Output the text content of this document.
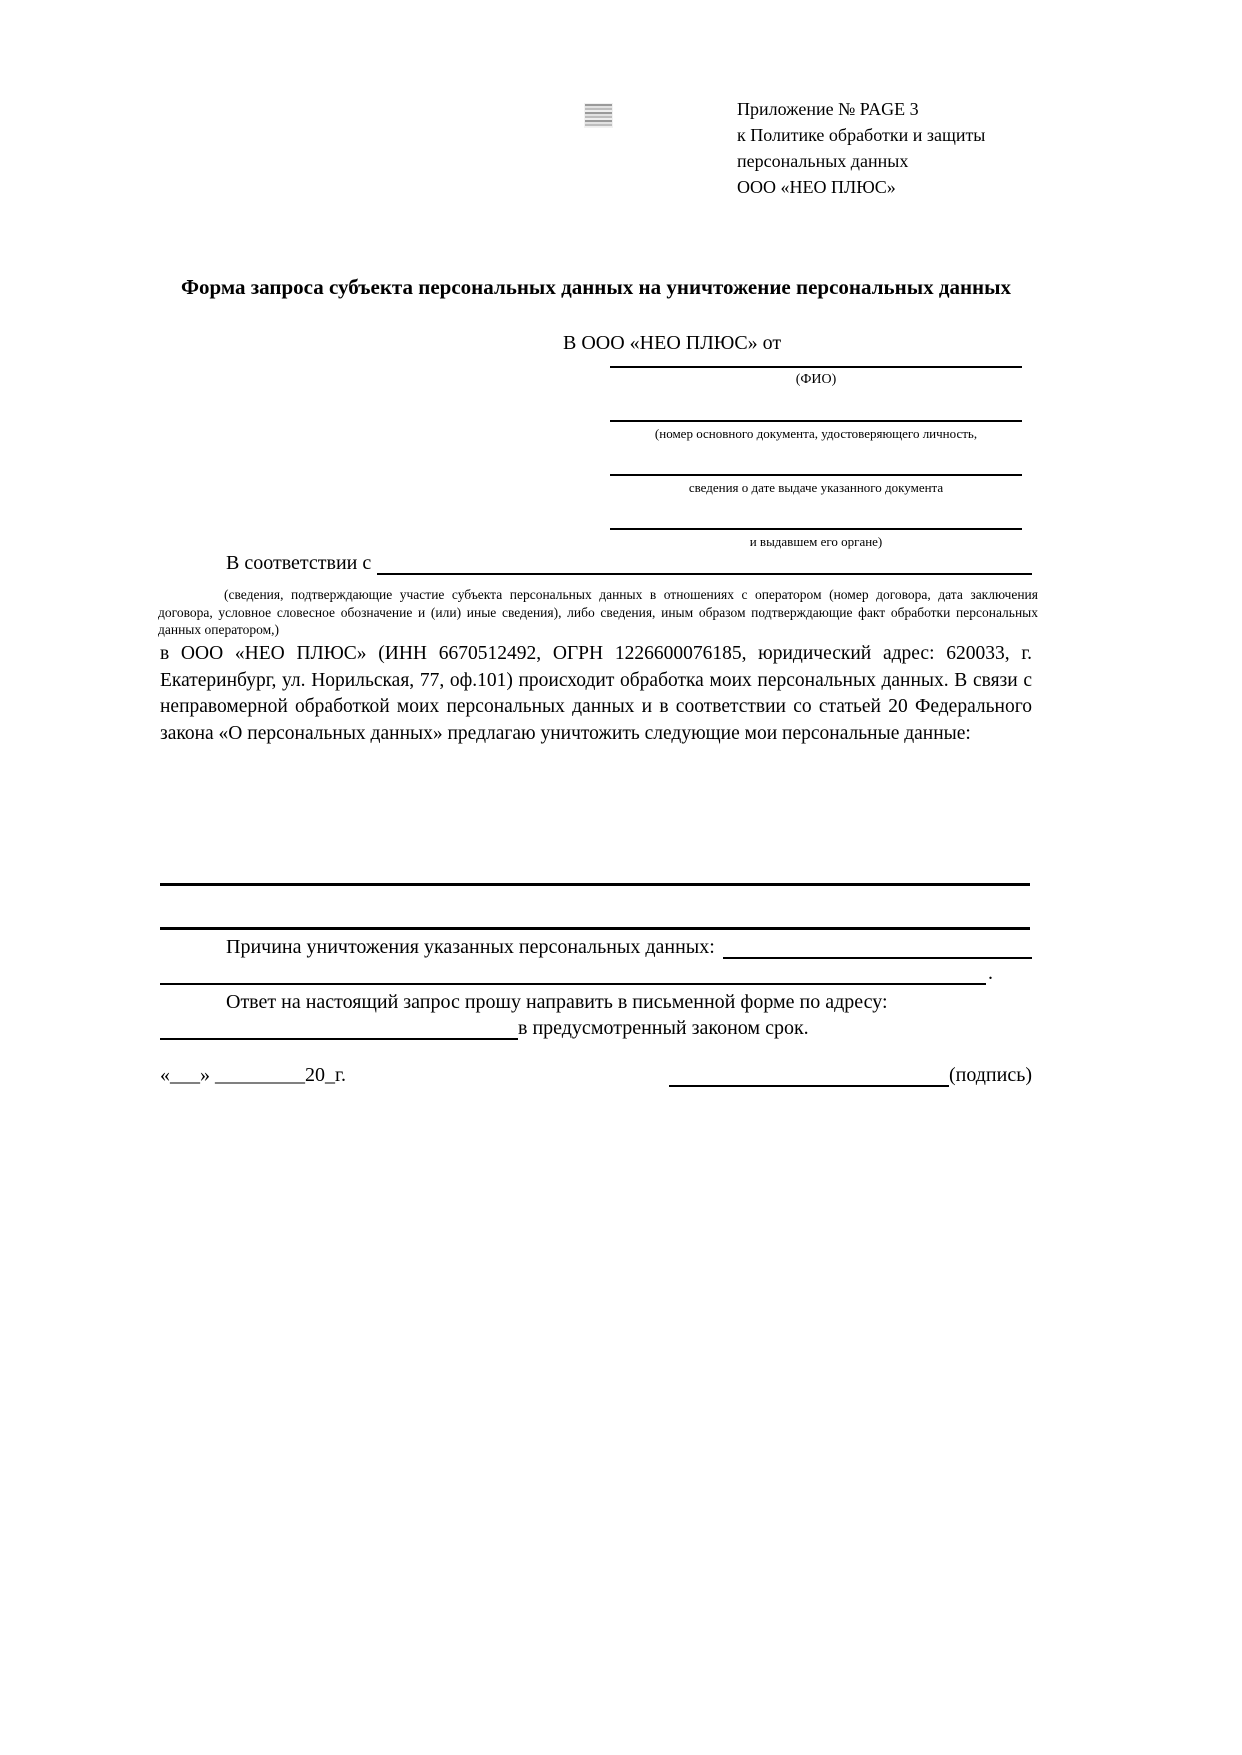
Приложение № PAGE 3
к Политике обработки и защиты
персональных данных
ООО «НЕО ПЛЮС»
Форма запроса субъекта персональных данных на уничтожение персональных данных
В ООО «НЕО ПЛЮС» от
(ФИО)
(номер основного документа, удостоверяющего личность,
сведения о дате выдаче указанного документа
и выдавшем его органе)
В соответствии с
(сведения, подтверждающие участие субъекта персональных данных в отношениях с оператором (номер договора, дата заключения договора, условное словесное обозначение и (или) иные сведения), либо сведения, иным образом подтверждающие факт обработки персональных данных оператором,)
в ООО «НЕО ПЛЮС» (ИНН 6670512492, ОГРН 1226600076185, юридический адрес: 620033, г. Екатеринбург, ул. Норильская, 77, оф.101) происходит обработка моих персональных данных. В связи с неправомерной обработкой моих персональных данных и в соответствии со статьей 20 Федерального закона «О персональных данных» предлагаю уничтожить следующие мои персональные данные:
Причина уничтожения указанных персональных данных:
.
Ответ на настоящий запрос прошу направить в письменной форме по адресу:
в предусмотренный законом срок.
«___» _________20_г.	(подпись)
